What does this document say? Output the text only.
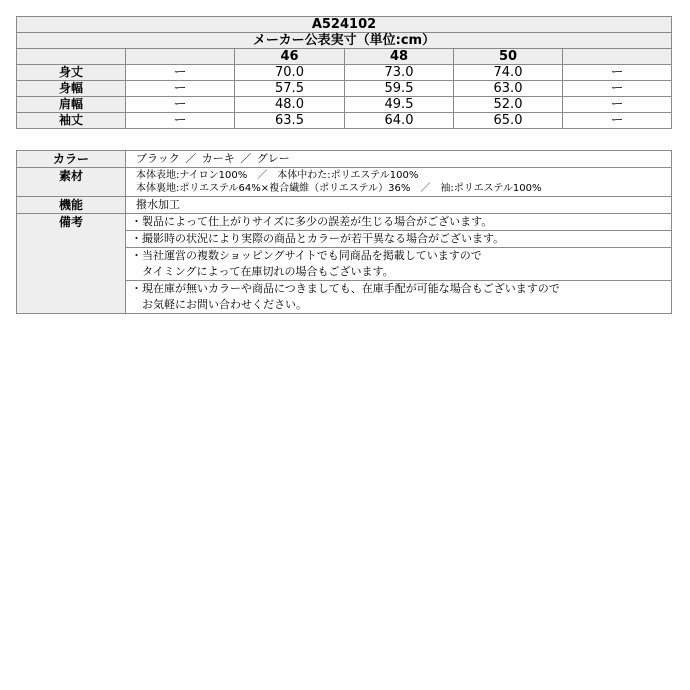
A524102					
メーカー公表実寸（単位:cm）					
		46	48	50	
身丈	ー	70.0	73.0	74.0	ー
身幅	ー	57.5	59.5	63.0	ー
肩幅	ー	48.0	49.5	52.0	ー
袖丈	ー	63.5	64.0	65.0	ー
カラー	ブラック ／ カーキ ／ グレー
素材	本体表地:ナイロン100%　／　本体中わた:ポリエステル100%
本体裏地:ポリエステル64%×複合繊維（ポリエステル）36%　／　袖:ポリエステル100%

機能	撥水加工
備考	・製品によって仕上がりサイズに多少の誤差が生じる場合がございます。

	・撮影時の状況により実際の商品とカラーが若干異なる場合がございます。

	・当社運営の複数ショッピングサイトでも同商品を掲載していますので
　タイミングによって在庫切れの場合もございます。

	・現在庫が無いカラーや商品につきましても、在庫手配が可能な場合もございますので
　お気軽にお問い合わせください。
